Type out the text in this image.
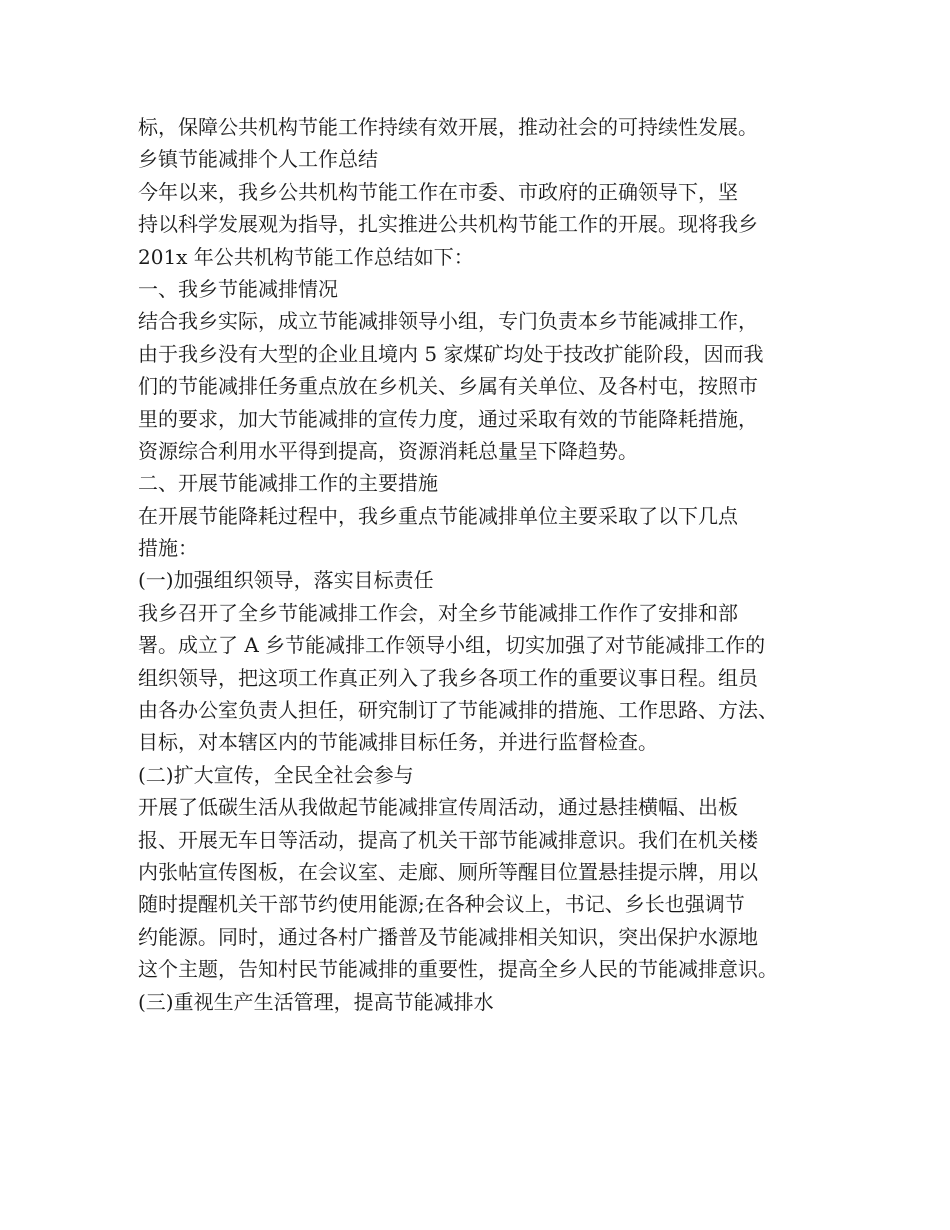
标，保障公共机构节能工作持续有效开展，推动社会的可持续性发展。
乡镇节能减排个人工作总结
今年以来，我乡公共机构节能工作在市委、市政府的正确领导下，坚
持以科学发展观为指导，扎实推进公共机构节能工作的开展。现将我乡
201x 年公共机构节能工作总结如下：
一、我乡节能减排情况
结合我乡实际，成立节能减排领导小组，专门负责本乡节能减排工作，
由于我乡没有大型的企业且境内 5 家煤矿均处于技改扩能阶段，因而我
们的节能减排任务重点放在乡机关、乡属有关单位、及各村屯，按照市
里的要求，加大节能减排的宣传力度，通过采取有效的节能降耗措施，
资源综合利用水平得到提高，资源消耗总量呈下降趋势。
二、开展节能减排工作的主要措施
在开展节能降耗过程中，我乡重点节能减排单位主要采取了以下几点
措施：
(一)加强组织领导，落实目标责任
我乡召开了全乡节能减排工作会，对全乡节能减排工作作了安排和部
署。成立了 A 乡节能减排工作领导小组，切实加强了对节能减排工作的
组织领导，把这项工作真正列入了我乡各项工作的重要议事日程。组员
由各办公室负责人担任，研究制订了节能减排的措施、工作思路、方法、
目标，对本辖区内的节能减排目标任务，并进行监督检查。
(二)扩大宣传，全民全社会参与
开展了低碳生活从我做起节能减排宣传周活动，通过悬挂横幅、出板
报、开展无车日等活动，提高了机关干部节能减排意识。我们在机关楼
内张帖宣传图板，在会议室、走廊、厕所等醒目位置悬挂提示牌，用以
随时提醒机关干部节约使用能源;在各种会议上，书记、乡长也强调节
约能源。同时，通过各村广播普及节能减排相关知识，突出保护水源地
这个主题，告知村民节能减排的重要性，提高全乡人民的节能减排意识。
(三)重视生产生活管理，提高节能减排水
